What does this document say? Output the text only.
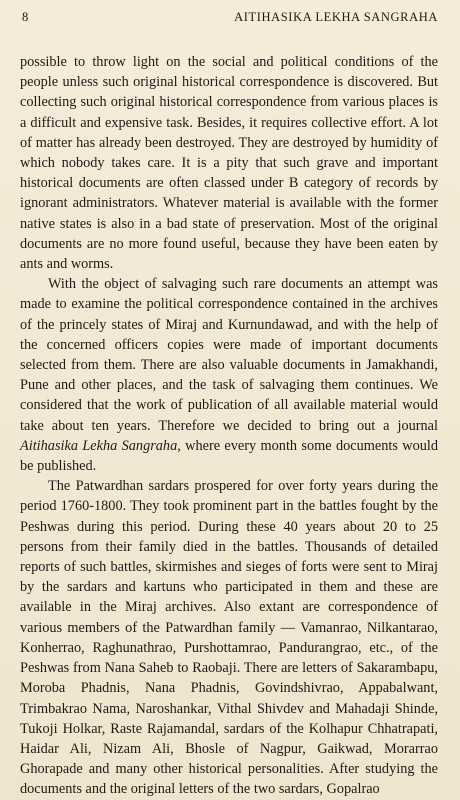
8	AITIHASIKA LEKHA SANGRAHA

possible to throw light on the social and political conditions of the people unless such original historical correspondence is discovered. But collecting such original historical correspondence from various places is a difficult and expensive task. Besides, it requires collective effort. A lot of matter has already been destroyed. They are destroyed by humidity of which nobody takes care. It is a pity that such grave and important historical documents are often classed under B category of records by ignorant administrators. Whatever material is available with the former native states is also in a bad state of preservation. Most of the original documents are no more found useful, because they have been eaten by ants and worms.

With the object of salvaging such rare documents an attempt was made to examine the political correspondence contained in the archives of the princely states of Miraj and Kurnundawad, and with the help of the concerned officers copies were made of important documents selected from them. There are also valuable documents in Jamakhandi, Pune and other places, and the task of salvaging them continues. We considered that the work of publication of all available material would take about ten years. Therefore we decided to bring out a journal Aitihasika Lekha Sangraha, where every month some documents would be published.

The Patwardhan sardars prospered for over forty years during the period 1760-1800. They took prominent part in the battles fought by the Peshwas during this period. During these 40 years about 20 to 25 persons from their family died in the battles. Thousands of detailed reports of such battles, skirmishes and sieges of forts were sent to Miraj by the sardars and kartuns who participated in them and these are available in the Miraj archives. Also extant are correspondence of various members of the Patwardhan family — Vamanrao, Nilkantarao, Konherrao, Raghunathrao, Purshottamrao, Pandurangrao, etc., of the Peshwas from Nana Saheb to Raobaji. There are letters of Sakarambapu, Moroba Phadnis, Nana Phadnis, Govindshivrao, Appabalwant, Trimbakrao Nama, Naroshankar, Vithal Shivdev and Mahadaji Shinde, Tukoji Holkar, Raste Rajamandal, sardars of the Kolhapur Chhatrapati, Haidar Ali, Nizam Ali, Bhosle of Nagpur, Gaikwad, Morarrao Ghorapade and many other historical personalities. After studying the documents and the original letters of the two sardars, Gopalrao
